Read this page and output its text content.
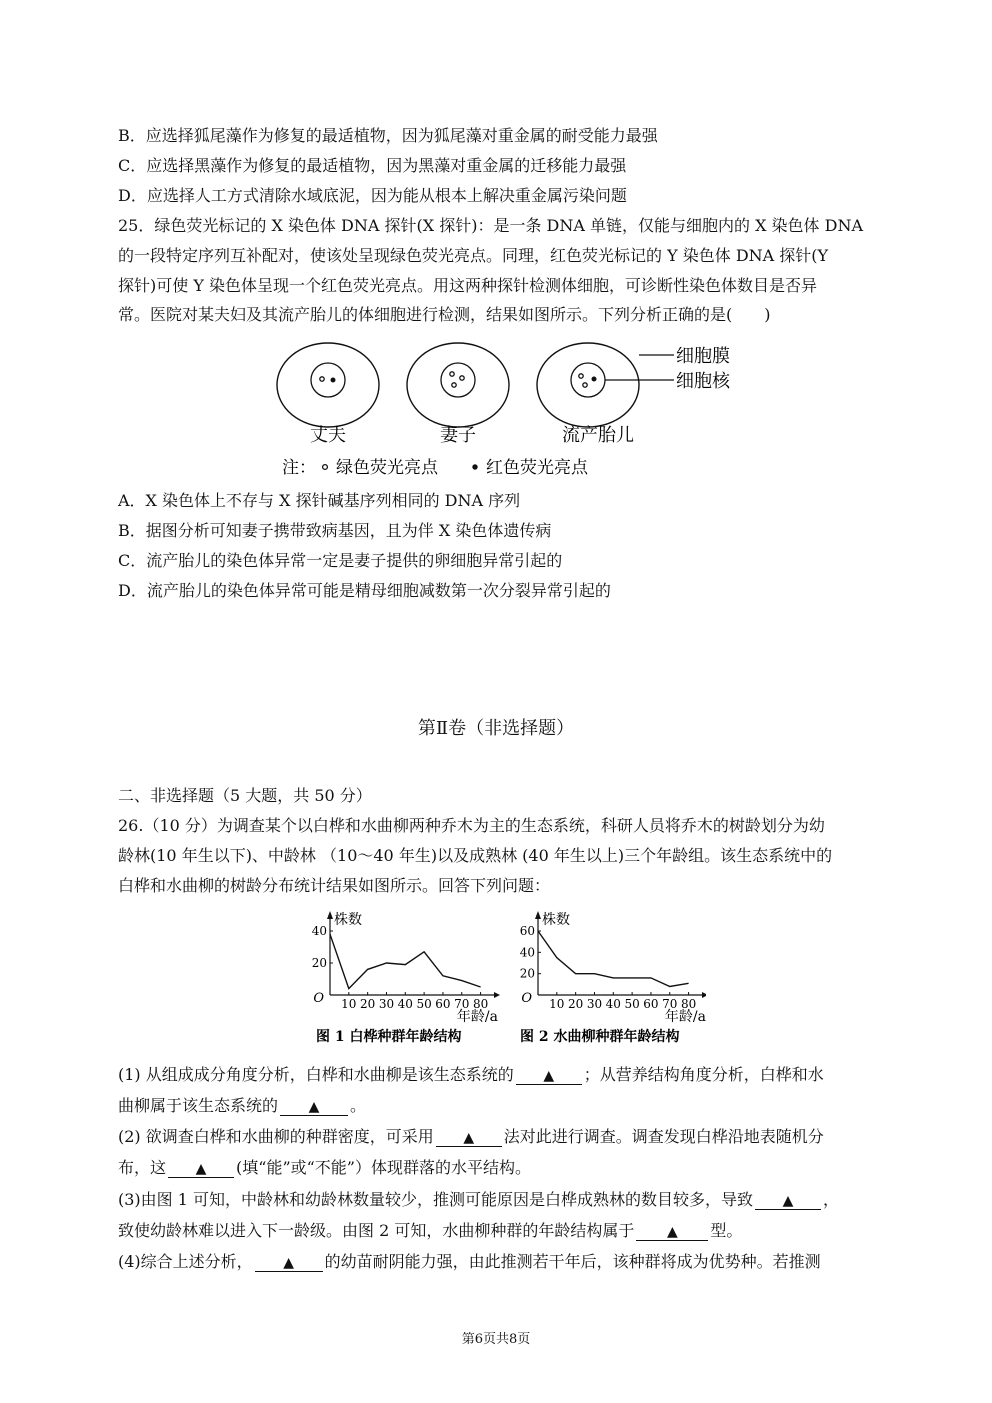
B．应选择狐尾藻作为修复的最适植物，因为狐尾藻对重金属的耐受能力最强
C．应选择黑藻作为修复的最适植物，因为黑藻对重金属的迁移能力最强
D．应选择人工方式清除水域底泥，因为能从根本上解决重金属污染问题
25．绿色荧光标记的 X 染色体 DNA 探针(X 探针)：是一条 DNA 单链，仅能与细胞内的 X 染色体 DNA
的一段特定序列互补配对，使该处呈现绿色荧光亮点。同理，红色荧光标记的 Y 染色体 DNA 探针(Y
探针)可使 Y 染色体呈现一个红色荧光亮点。用这两种探针检测体细胞，可诊断性染色体数目是否异
常。医院对某夫妇及其流产胎儿的体细胞进行检测，结果如图所示。下列分析正确的是(　　)
细胞膜
细胞核
丈夫	妻子	流产胎儿
注： 绿色荧光亮点	红色荧光亮点
A．X 染色体上不存与 X 探针碱基序列相同的 DNA 序列
B．据图分析可知妻子携带致病基因，且为伴 X 染色体遗传病
C．流产胎儿的染色体异常一定是妻子提供的卵细胞异常引起的
D．流产胎儿的染色体异常可能是精母细胞减数第一次分裂异常引起的
第Ⅱ卷（非选择题）
二、非选择题（5 大题，共 50 分）
26.（10 分）为调查某个以白桦和水曲柳两种乔木为主的生态系统，科研人员将乔木的树龄划分为幼
龄林(10 年生以下)、中龄林 （10～40 年生)以及成熟林 (40 年生以上)三个年龄组。该生态系统中的
白桦和水曲柳的树龄分布统计结果如图所示。回答下列问题：
株数
年龄/a
O 10 20 30 40 50 60 70 80
20
40
图 1 白桦种群年龄结构
株数
年龄/a
O 10 20 30 40 50 60 70 80
20
40
60
图 2 水曲柳种群年龄结构
(1) 从组成成分角度分析，白桦和水曲柳是该生态系统的 ▲ ；从营养结构角度分析，白桦和水
曲柳属于该生态系统的 ▲ 。
(2) 欲调查白桦和水曲柳的种群密度，可采用 ▲ 法对此进行调查。调查发现白桦沿地表随机分
布，这 ▲ (填“能”或“不能”）体现群落的水平结构。
(3)由图 1 可知，中龄林和幼龄林数量较少，推测可能原因是白桦成熟林的数目较多，导致 ▲ ，
致使幼龄林难以进入下一龄级。由图 2 可知，水曲柳种群的年龄结构属于 ▲ 型。
(4)综合上述分析， ▲ 的幼苗耐阴能力强，由此推测若干年后，该种群将成为优势种。若推测
第6页共8页
